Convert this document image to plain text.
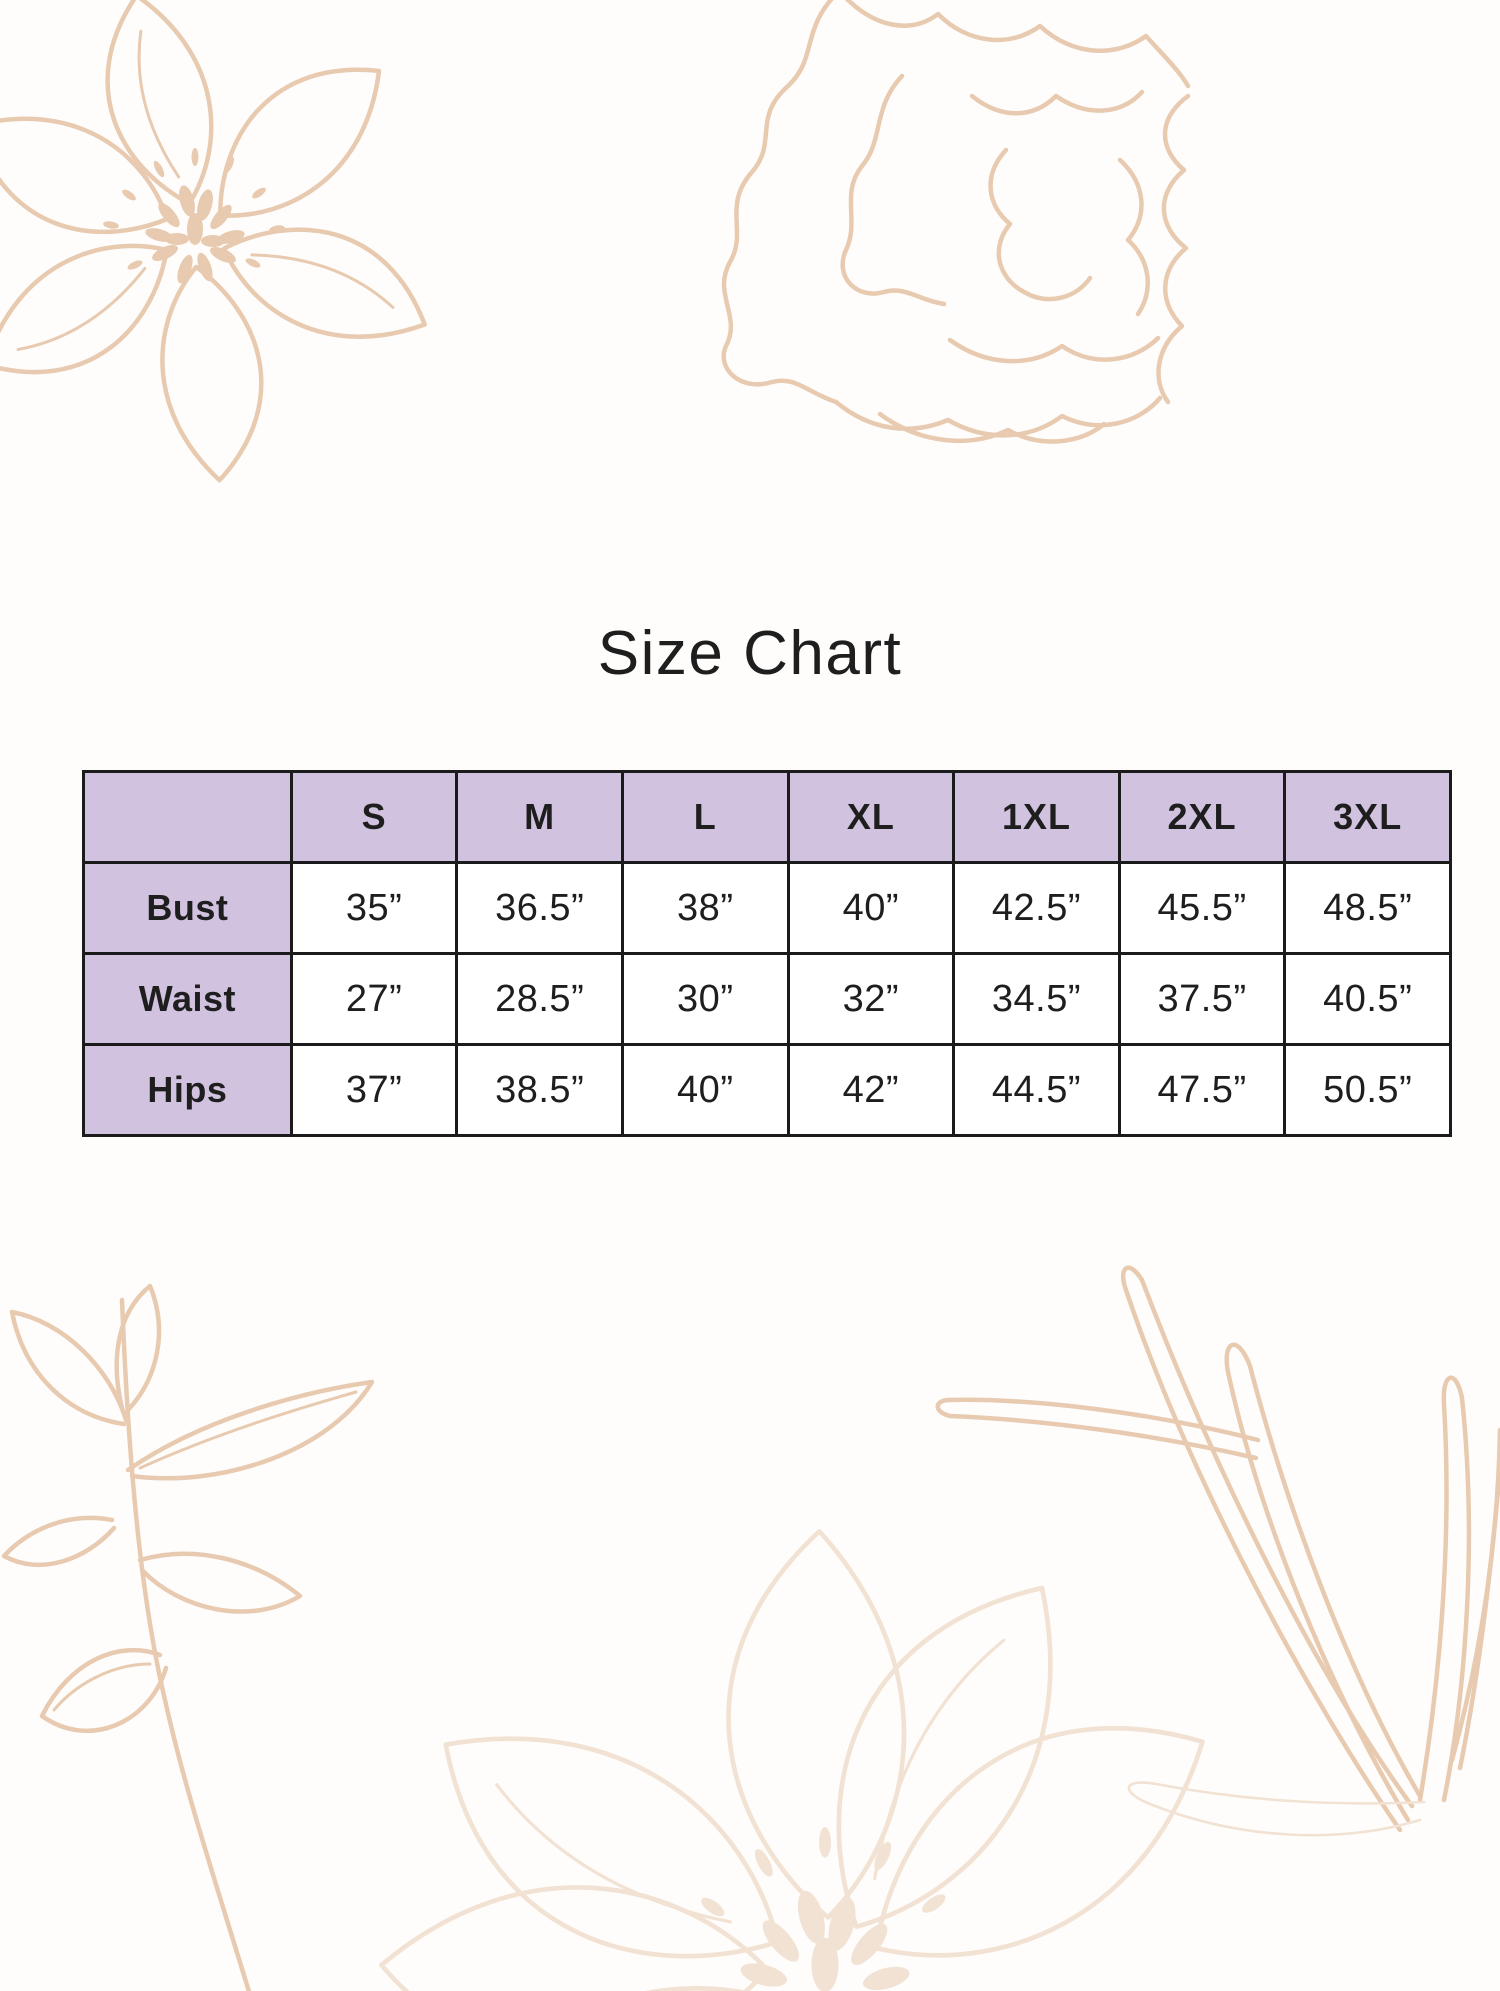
Size Chart
	S	M	L	XL	1XL	2XL	3XL
Bust	35”	36.5”	38”	40”	42.5”	45.5”	48.5”
Waist	27”	28.5”	30”	32”	34.5”	37.5”	40.5”
Hips	37”	38.5”	40”	42”	44.5”	47.5”	50.5”
